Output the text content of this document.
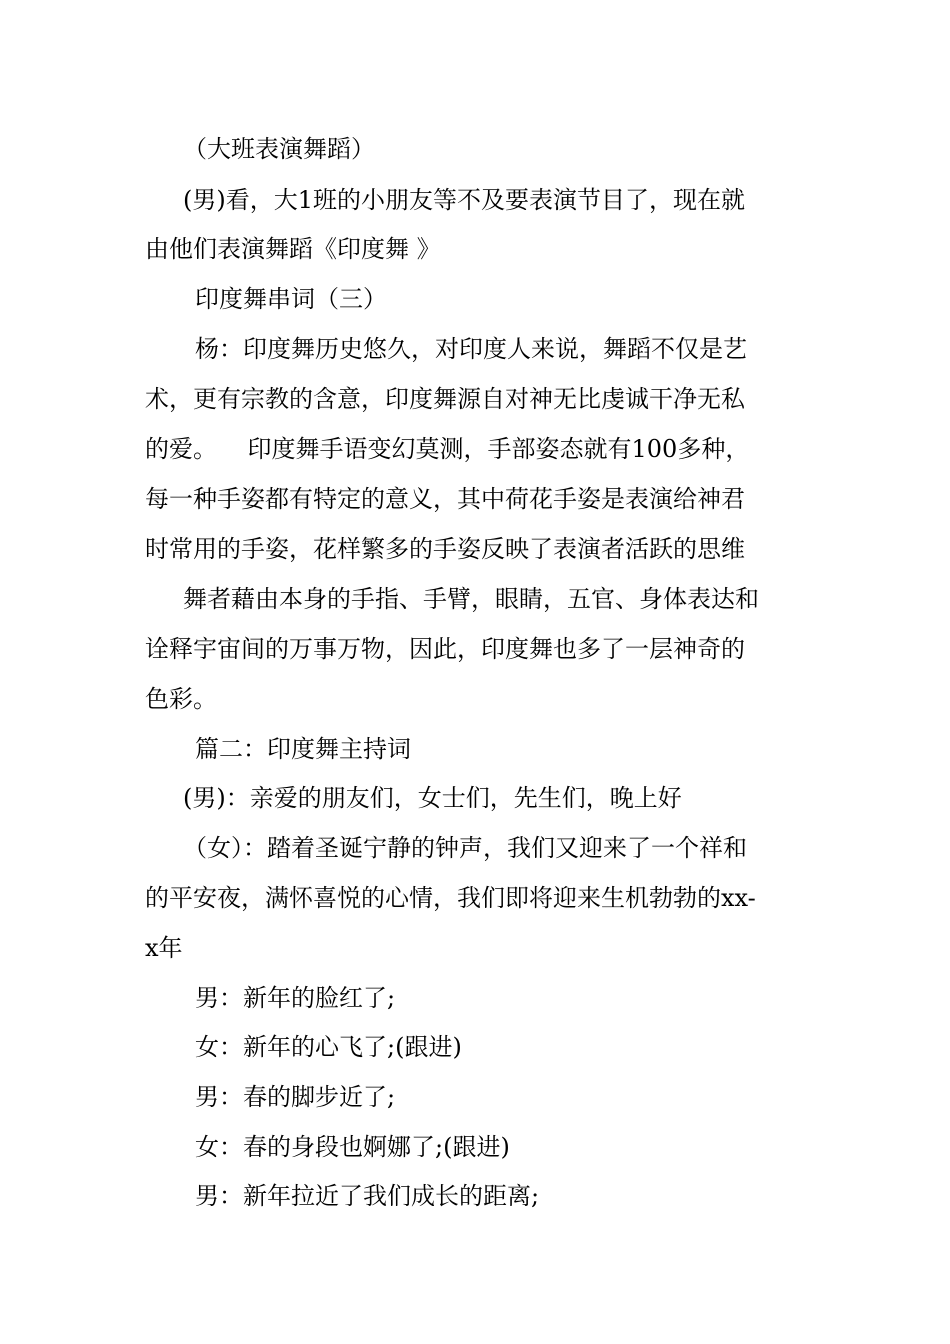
（大班表演舞蹈）
(男)看，大1班的小朋友等不及要表演节目了，现在就
由他们表演舞蹈《印度舞 》
印度舞串词（三）
杨：印度舞历史悠久，对印度人来说，舞蹈不仅是艺
术，更有宗教的含意，印度舞源自对神无比虔诚干净无私
的爱。    印度舞手语变幻莫测，手部姿态就有100多种，
每一种手姿都有特定的意义，其中荷花手姿是表演给神君
时常用的手姿，花样繁多的手姿反映了表演者活跃的思维
舞者藉由本身的手指、手臂，眼睛，五官、身体表达和
诠释宇宙间的万事万物，因此，印度舞也多了一层神奇的
色彩。
篇二：印度舞主持词
(男)：亲爱的朋友们，女士们，先生们，晚上好
（女）：踏着圣诞宁静的钟声，我们又迎来了一个祥和
的平安夜，满怀喜悦的心情，我们即将迎来生机勃勃的xx-
x年
男：新年的脸红了;
女：新年的心飞了;(跟进)
男：春的脚步近了;
女：春的身段也婀娜了;(跟进)
男：新年拉近了我们成长的距离;
